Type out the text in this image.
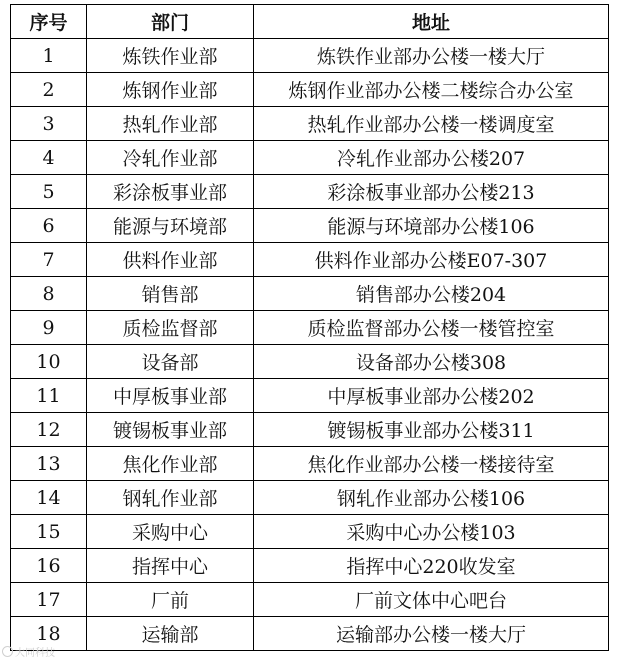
序号	部门	地址
1	炼铁作业部	炼铁作业部办公楼一楼大厅
2	炼钢作业部	炼钢作业部办公楼二楼综合办公室
3	热轧作业部	热轧作业部办公楼一楼调度室
4	冷轧作业部	冷轧作业部办公楼207
5	彩涂板事业部	彩涂板事业部办公楼213
6	能源与环境部	能源与环境部办公楼106
7	供料作业部	供料作业部办公楼E07-307
8	销售部	销售部办公楼204
9	质检监督部	质检监督部办公楼一楼管控室
10	设备部	设备部办公楼308
11	中厚板事业部	中厚板事业部办公楼202
12	镀锡板事业部	镀锡板事业部办公楼311
13	焦化作业部	焦化作业部办公楼一楼接待室
14	钢轧作业部	钢轧作业部办公楼106
15	采购中心	采购中心办公楼103
16	指挥中心	指挥中心220收发室
17	厂前	厂前文体中心吧台
18	运输部	运输部办公楼一楼大厅
大同科技
